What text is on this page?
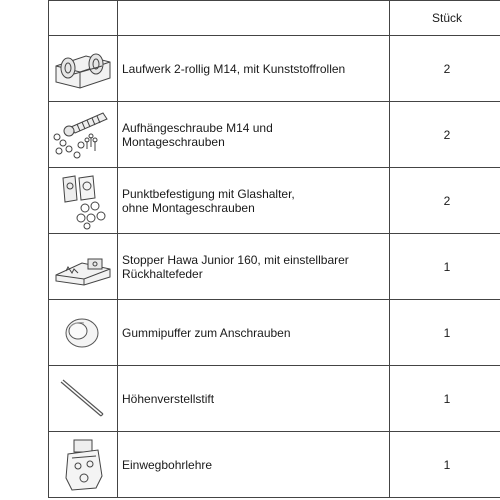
		Stück

Laufwerk 2-rollig M14, mit Kunststoffrollen	2

Aufhängeschraube M14 und
Montageschrauben	2

Punktbefestigung mit Glashalter,
ohne Montageschrauben	2

Stopper Hawa Junior 160, mit einstellbarer
Rückhaltefeder	1

Gummipuffer zum Anschrauben	1

Höhenverstellstift	1

Einwegbohrlehre	1
